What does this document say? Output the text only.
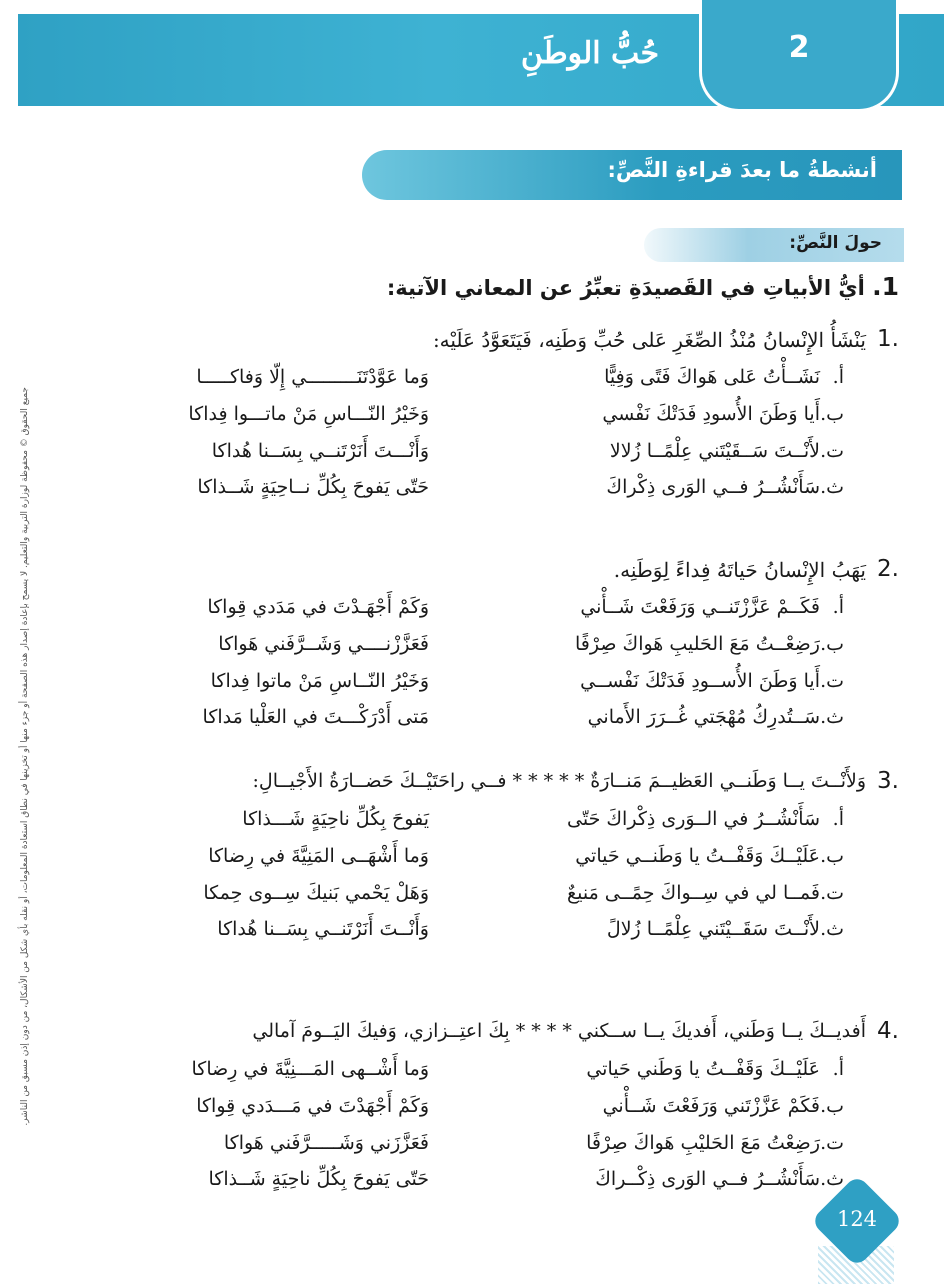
حُبُّ الوطَنِ	2
أنشطةُ ما بعدَ قراءةِ النَّصِّ:
حولَ النَّصِّ:
1. أيُّ الأبياتِ في القَصيدَةِ تعبِّرُ عن المعاني الآتية:
1.
يَنْشَأُ الإِنْسانُ مُنْذُ الصِّغَرِ عَلى حُبِّ وَطَنِه، فَيَتَعَوَّدُ عَلَيْه:
أ.نَشَــأْتُ عَلى هَواكَ فَتًى وَفِيًّا
وَما عَوَّدْتَنَـــــــــي إِلّا وَفاكـــــا
ب.أَيا وَطَنَ الأُسودِ فَدَتْكَ نَفْسي
وَخَيْرُ النّـــاسِ مَنْ ماتـــوا فِداكا
ت.لأَنْــتَ سَــقَيْتَني عِلْمًــا زُلالا
وَأَنْـــتَ أَنَرْتَنــي بِسَــنا هُداكا
ث.سَأَنْشُــرُ فــي الوَرى ذِكْراكَ
حَتّى يَفوحَ بِكُلِّ نــاحِيَةٍ شَــذاكا
2.
يَهَبُ الإِنْسانُ حَياتَهُ فِداءً لِوَطَنِه.
أ.فَكَــمْ عَزَّزْتَنــي وَرَفَعْتَ شَــأْني
وَكَمْ أَجْهَـدْتَ في مَدَدي قِواكا
ب.رَضِعْــتُ مَعَ الحَليبِ هَواكَ صِرْفًا
فَعَزَّزْنــــي وَشَــرَّفَني هَواكا
ت.أَيا وَطَنَ الأُســودِ فَدَتْكَ نَفْســي
وَخَيْرُ النّــاسِ مَنْ ماتوا فِداكا
ث.سَــتُدرِكُ مُهْجَتي غُــرَرَ الأَماني
مَتى أَدْرَكْـــتَ في العَلْيا مَداكا
3.
وَلأَنْــتَ يــا وَطَنــي العَظيــمَ مَنــارَةٌ * * * * * فــي راحَتَيْــكَ حَضــارَةُ الأَجْيــالِ:
أ.سَأَنْشُــرُ في الــوَرى ذِكْراكَ حَتّى
يَفوحَ بِكُلِّ ناحِيَةٍ شَـــذاكا
ب.عَلَيْــكَ وَقَفْــتُ يا وَطَنــي حَياتي
وَما أَشْهَــى المَنِيَّةَ في رِضاكا
ت.فَمــا لي في سِــواكَ حِمًــى مَنيعٌ
وَهَلْ يَحْمي بَنيكَ سِــوى حِمكا
ث.لأَنْــتَ سَقَــيْتَني عِلْمًــا زُلالً
وَأَنْــتَ أَنَرْتَنــي بِسَــنا هُداكا
4.
أَفديــكَ يــا وَطَني، أَفديكَ يــا ســكني * * * * بِكَ اعتِــزازي، وَفيكَ اليَــومَ آمالي
أ.عَلَيْــكَ وَقَفْــتُ يا وَطَني حَياتي
وَما أَشْــهى المَـــنِيَّةَ في رِضاكا
ب.فَكَمْ عَزَّزْتَني وَرَفَعْتَ شَــأْني
وَكَمْ أَجْهَدْتَ في مَـــدَدي قِواكا
ت.رَضِعْتُ مَعَ الحَليْبِ هَواكَ صِرْفًا
فَعَزَّزَني وَشَـــــرَّفَني هَواكا
ث.سَأَنْشُــرُ فــي الوَرى ذِكْــراكَ
حَتّى يَفوحَ بِكُلِّ ناحِيَةٍ شَــذاكا
جميع الحقوق © محفوظة لوزارة التربية والتعليم. لا يسمح بإعادة إصدار هذه الصفحة أو جزء منها أو تخزينها في نطاق استعادة المعلومات، أو نقله بأي شكل من الأشكال، من دون إذن مسبق من الناشر.
124
